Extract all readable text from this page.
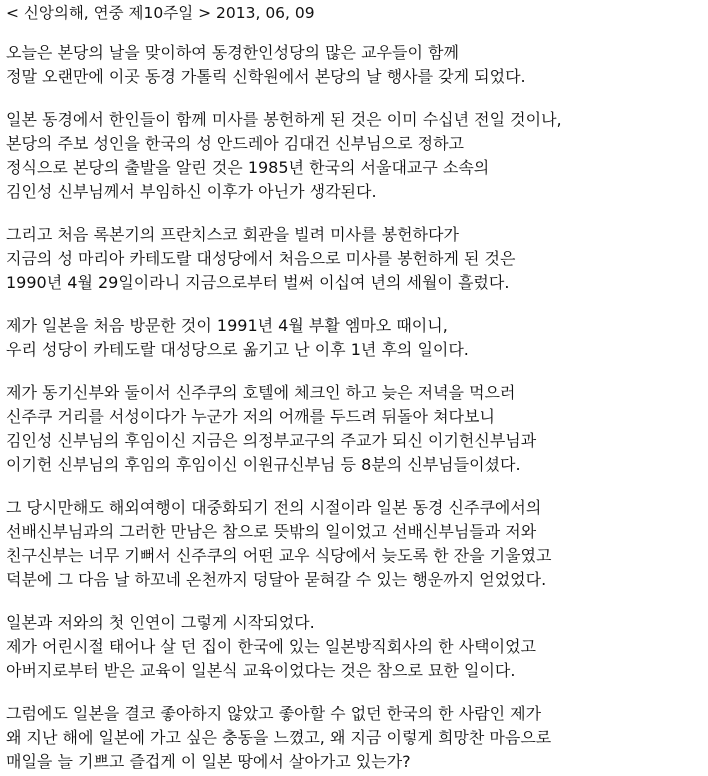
< 신앙의해, 연중 제10주일 > 2013, 06, 09
오늘은 본당의 날을 맞이하여 동경한인성당의 많은 교우들이 함께
정말 오랜만에 이곳 동경 가톨릭 신학원에서 본당의 날 행사를 갖게 되었다.
일본 동경에서 한인들이 함께 미사를 봉헌하게 된 것은 이미 수십년 전일 것이나,
본당의 주보 성인을 한국의 성 안드레아 김대건 신부님으로 정하고
정식으로 본당의 출발을 알린 것은 1985년 한국의 서울대교구 소속의
김인성 신부님께서 부임하신 이후가 아닌가 생각된다.
그리고 처음 록본기의 프란치스코 회관을 빌려 미사를 봉헌하다가
지금의 성 마리아 카테도랄 대성당에서 처음으로 미사를 봉헌하게 된 것은
1990년 4월 29일이라니 지금으로부터 벌써 이십여 년의 세월이 흘렀다.
제가 일본을 처음 방문한 것이 1991년 4월 부활 엠마오 때이니,
우리 성당이 카테도랄 대성당으로 옮기고 난 이후 1년 후의 일이다.
제가 동기신부와 둘이서 신주쿠의 호텔에 체크인 하고 늦은 저녁을 먹으러
신주쿠 거리를 서성이다가 누군가 저의 어깨를 두드려 뒤돌아 쳐다보니
김인성 신부님의 후임이신 지금은 의정부교구의 주교가 되신 이기헌신부님과
이기헌 신부님의 후임의 후임이신 이원규신부님 등 8분의 신부님들이셨다.
그 당시만해도 해외여행이 대중화되기 전의 시절이라 일본 동경 신주쿠에서의
선배신부님과의 그러한 만남은 참으로 뜻밖의 일이었고 선배신부님들과 저와
친구신부는 너무 기뻐서 신주쿠의 어떤 교우 식당에서 늦도록 한 잔을 기울였고
덕분에 그 다음 날 하꼬네 온천까지 덩달아 묻혀갈 수 있는 행운까지 얻었었다.
일본과 저와의 첫 인연이 그렇게 시작되었다.
제가 어린시절 태어나 살 던 집이 한국에 있는 일본방직회사의 한 사택이었고
아버지로부터 받은 교육이 일본식 교육이었다는 것은 참으로 묘한 일이다.
그럼에도 일본을 결코 좋아하지 않았고 좋아할 수 없던 한국의 한 사람인 제가
왜 지난 해에 일본에 가고 싶은 충동을 느꼈고, 왜 지금 이렇게 희망찬 마음으로
매일을 늘 기쁘고 즐겁게 이 일본 땅에서 살아가고 있는가?
